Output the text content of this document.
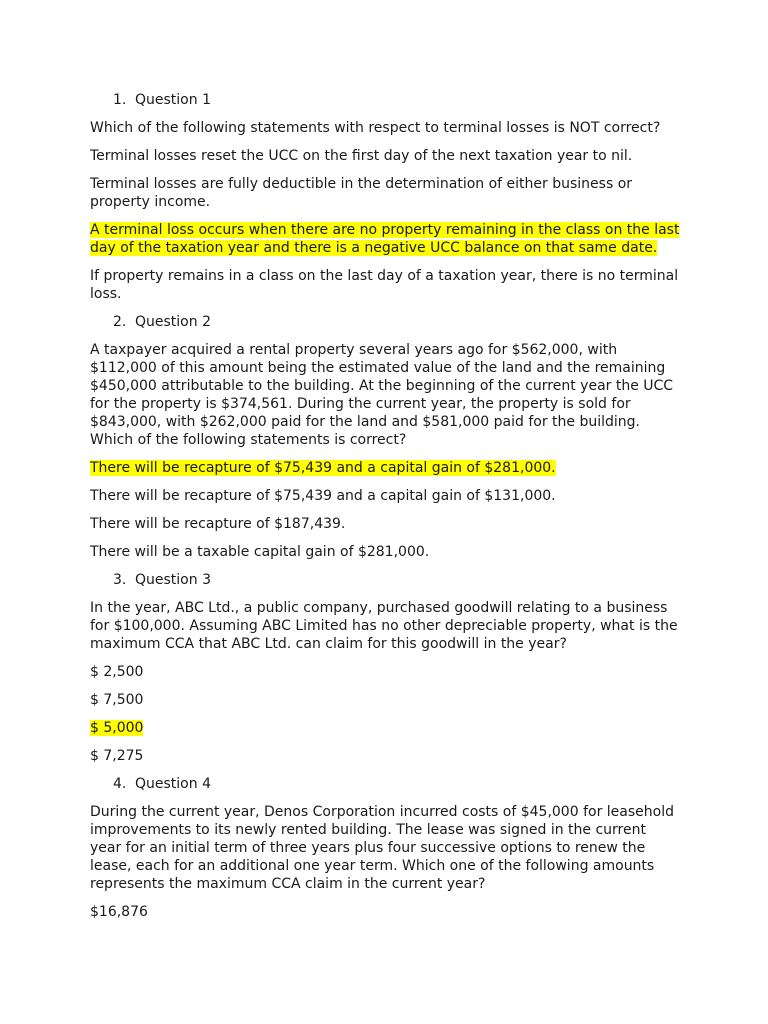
1. Question 1

Which of the following statements with respect to terminal losses is NOT correct?

Terminal losses reset the UCC on the first day of the next taxation year to nil.

Terminal losses are fully deductible in the determination of either business or property income.

A terminal loss occurs when there are no property remaining in the class on the last day of the taxation year and there is a negative UCC balance on that same date.

If property remains in a class on the last day of a taxation year, there is no terminal loss.

2. Question 2

A taxpayer acquired a rental property several years ago for $562,000, with $112,000 of this amount being the estimated value of the land and the remaining $450,000 attributable to the building. At the beginning of the current year the UCC for the property is $374,561. During the current year, the property is sold for $843,000, with $262,000 paid for the land and $581,000 paid for the building. Which of the following statements is correct?

There will be recapture of $75,439 and a capital gain of $281,000.

There will be recapture of $75,439 and a capital gain of $131,000.

There will be recapture of $187,439.

There will be a taxable capital gain of $281,000.

3. Question 3

In the year, ABC Ltd., a public company, purchased goodwill relating to a business for $100,000. Assuming ABC Limited has no other depreciable property, what is the maximum CCA that ABC Ltd. can claim for this goodwill in the year?

$ 2,500

$ 7,500

$ 5,000

$ 7,275

4. Question 4

During the current year, Denos Corporation incurred costs of $45,000 for leasehold improvements to its newly rented building. The lease was signed in the current year for an initial term of three years plus four successive options to renew the lease, each for an additional one year term. Which one of the following amounts represents the maximum CCA claim in the current year?

$16,876
